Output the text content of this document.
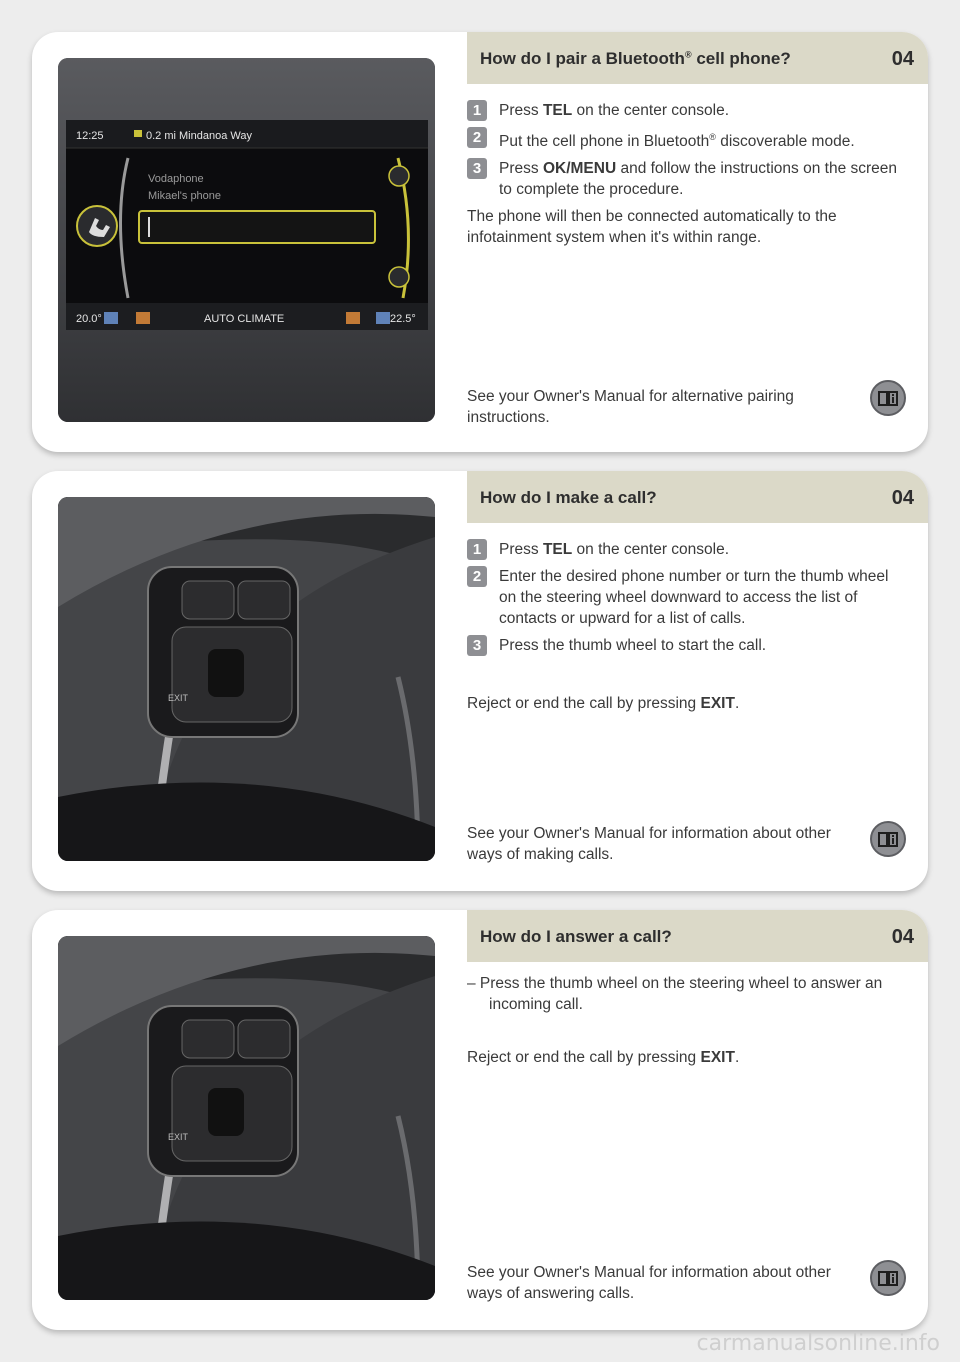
12:25	0.2 mi Mindanoa Way
Vodaphone
Mikael's phone
20.0°	AUTO CLIMATE	22.5°
How do I pair a Bluetooth® cell phone?	04
1	Press TEL on the center console.
2	Put the cell phone in Bluetooth® discoverable mode.
3	Press OK/MENU and follow the instructions on the screen to complete the procedure.
The phone will then be connected automatically to the infotainment system when it's within range.
See your Owner's Manual for alternative pairing instructions.
EXIT
How do I make a call?	04
1	Press TEL on the center console.
2	Enter the desired phone number or turn the thumb wheel on the steering wheel downward to access the list of contacts or upward for a list of calls.
3	Press the thumb wheel to start the call.
Reject or end the call by pressing EXIT.
See your Owner's Manual for information about other ways of making calls.
EXIT
How do I answer a call?	04
– Press the thumb wheel on the steering wheel to answer an incoming call.
Reject or end the call by pressing EXIT.
See your Owner's Manual for information about other ways of answering calls.
carmanualsonline.info
